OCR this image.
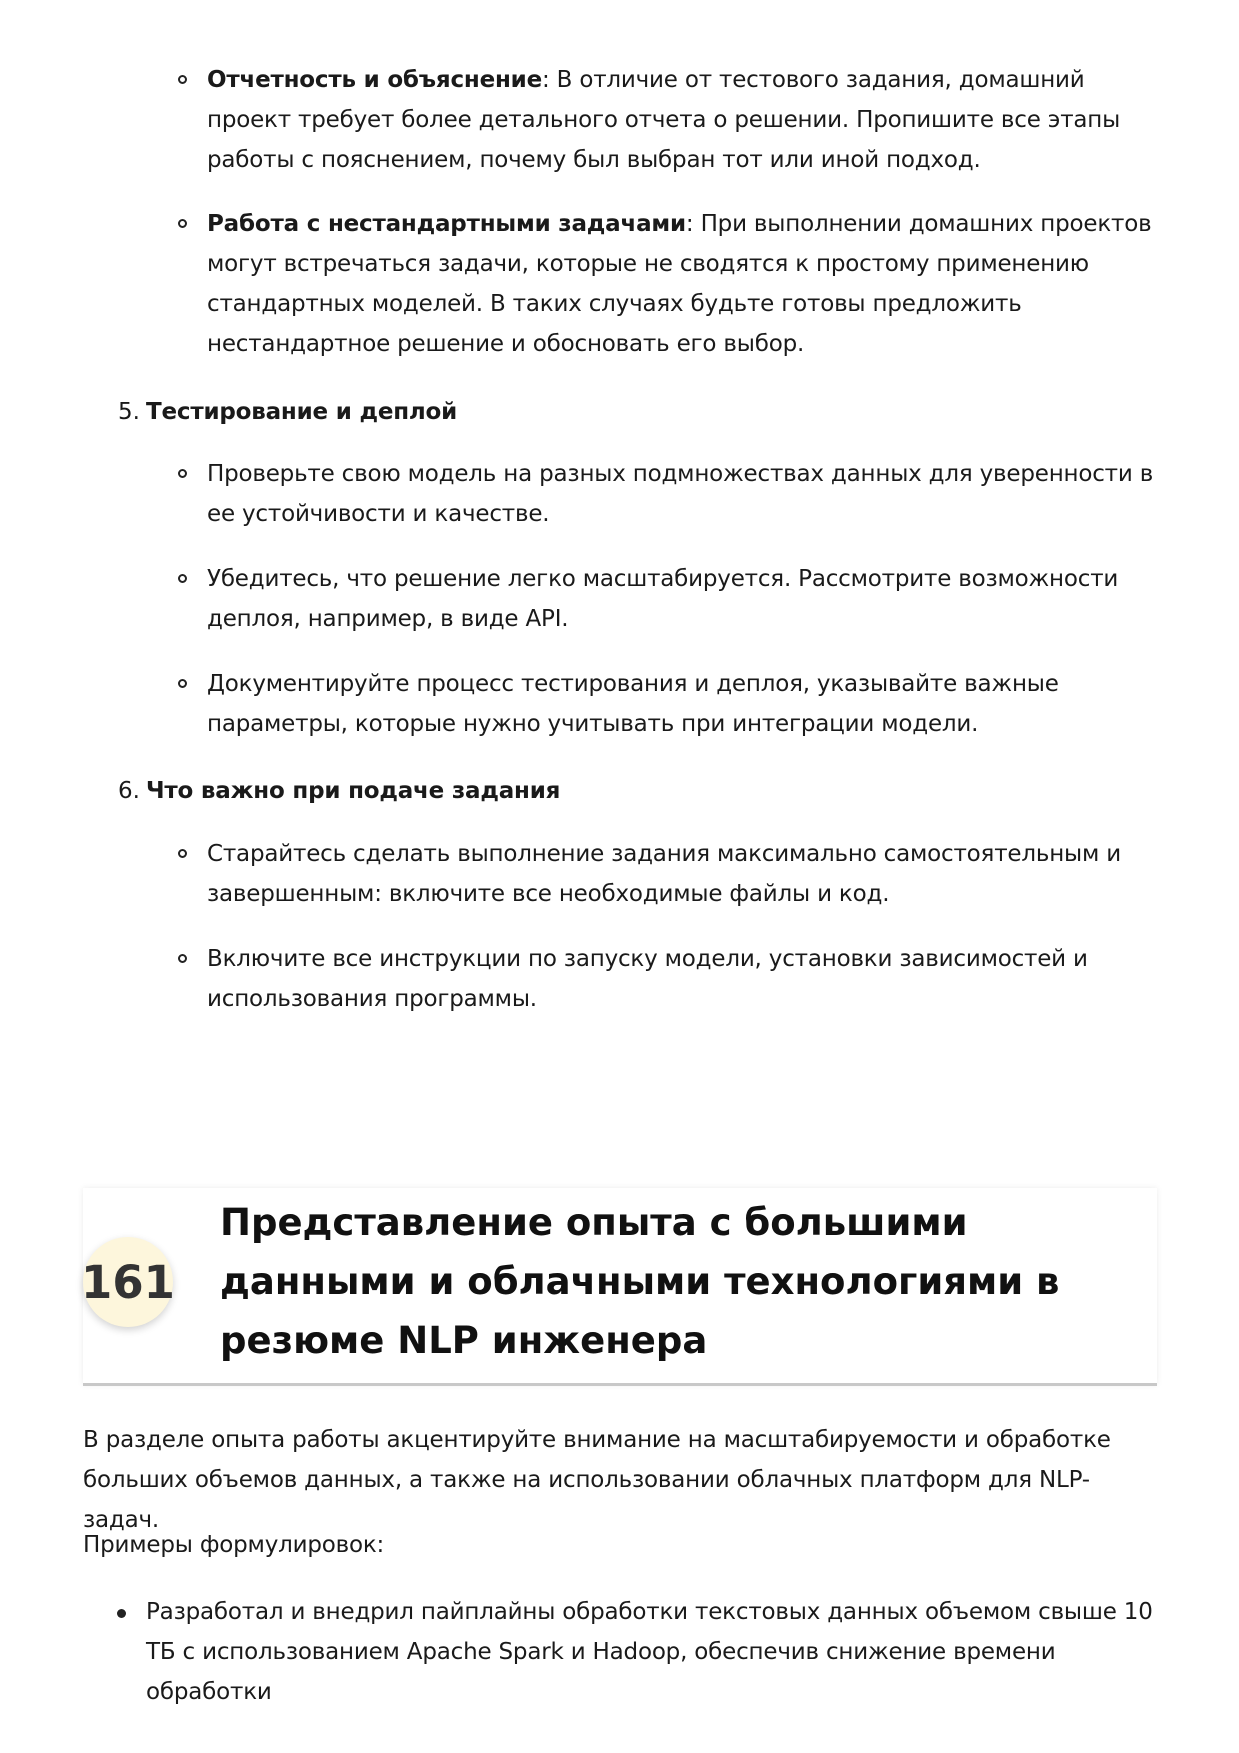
Отчетность и объяснение: В отличие от тестового задания, домашний проект требует более детального отчета о решении. Пропишите все этапы работы с пояснением, почему был выбран тот или иной подход.
Работа с нестандартными задачами: При выполнении домашних проектов могут встречаться задачи, которые не сводятся к простому применению стандартных моделей. В таких случаях будьте готовы предложить нестандартное решение и обосновать его выбор.
5. Тестирование и деплой
Проверьте свою модель на разных подмножествах данных для уверенности в ее устойчивости и качестве.
Убедитесь, что решение легко масштабируется. Рассмотрите возможности деплоя, например, в виде API.
Документируйте процесс тестирования и деплоя, указывайте важные параметры, которые нужно учитывать при интеграции модели.
6. Что важно при подаче задания
Старайтесь сделать выполнение задания максимально самостоятельным и завершенным: включите все необходимые файлы и код.
Включите все инструкции по запуску модели, установки зависимостей и использования программы.
161
Представление опыта с большими данными и облачными технологиями в резюме NLP инженера
В разделе опыта работы акцентируйте внимание на масштабируемости и обработке больших объемов данных, а также на использовании облачных платформ для NLP-задач.
Примеры формулировок:
Разработал и внедрил пайплайны обработки текстовых данных объемом свыше 10 ТБ с использованием Apache Spark и Hadoop, обеспечив снижение времени обработки
